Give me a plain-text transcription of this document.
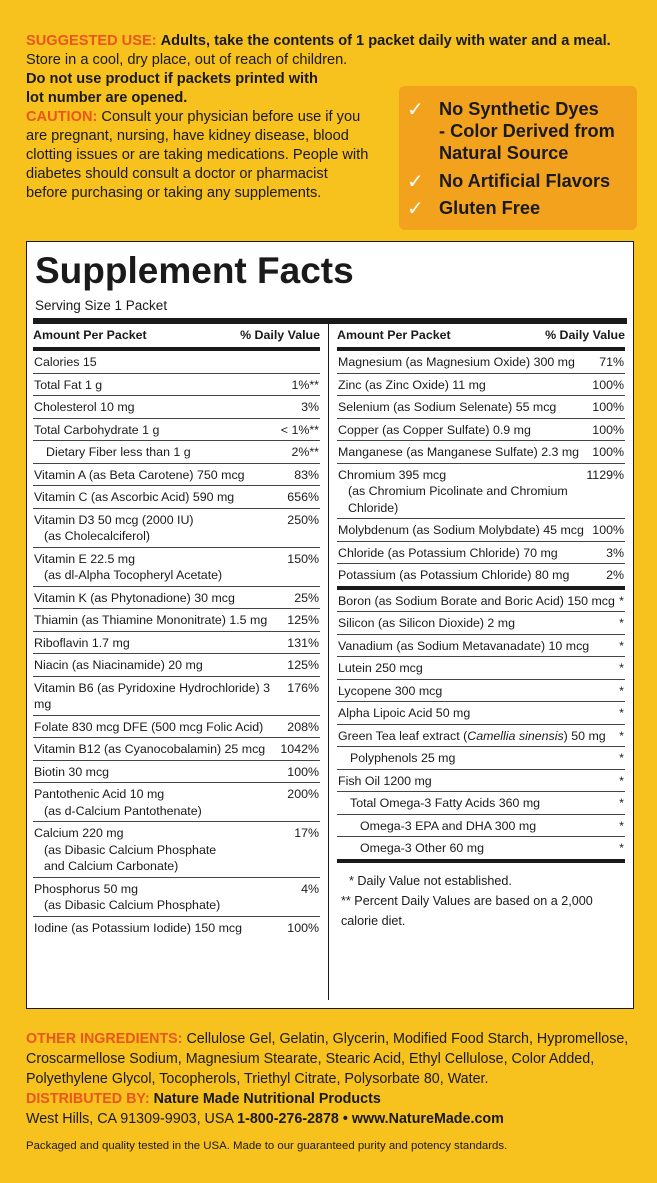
SUGGESTED USE: Adults, take the contents of 1 packet daily with water and a meal.

Store in a cool, dry place, out of reach of children.

Do not use product if packets printed with

lot number are opened.

CAUTION: Consult your physician before use if you are pregnant, nursing, have kidney disease, blood clotting issues or are taking medications. People with diabetes should consult a doctor or pharmacist before purchasing or taking any supplements.

✓ No Synthetic Dyes
- Color Derived from
Natural Source
✓ No Artificial Flavors
✓ Gluten Free
Supplement Facts
Serving Size 1 Packet
Amount Per Packet	% Daily Value
Calories 15
Total Fat 1 g	1%**
Cholesterol 10 mg	3%
Total Carbohydrate 1 g	< 1%**
Dietary Fiber less than 1 g	2%**
Vitamin A (as Beta Carotene) 750 mcg	83%
Vitamin C (as Ascorbic Acid) 590 mg	656%
Vitamin D3 50 mcg (2000 IU)
(as Cholecalciferol)
250%
Vitamin E 22.5 mg
(as dl-Alpha Tocopheryl Acetate)
150%
Vitamin K (as Phytonadione) 30 mcg	25%
Thiamin (as Thiamine Mononitrate) 1.5 mg	125%
Riboflavin 1.7 mg	131%
Niacin (as Niacinamide) 20 mg	125%
Vitamin B6 (as Pyridoxine Hydrochloride) 3 mg
176%
Folate 830 mcg DFE (500 mcg Folic Acid)	208%
Vitamin B12 (as Cyanocobalamin) 25 mcg	1042%
Biotin 30 mcg	100%
Pantothenic Acid 10 mg
(as d-Calcium Pantothenate)
200%
Calcium 220 mg
(as Dibasic Calcium Phosphate
and Calcium Carbonate)
17%
Phosphorus 50 mg
(as Dibasic Calcium Phosphate)
4%
Iodine (as Potassium Iodide) 150 mcg	100%
Amount Per Packet	% Daily Value
Magnesium (as Magnesium Oxide) 300 mg	71%
Zinc (as Zinc Oxide) 11 mg	100%
Selenium (as Sodium Selenate) 55 mcg	100%
Copper (as Copper Sulfate) 0.9 mg	100%
Manganese (as Manganese Sulfate) 2.3 mg	100%
Chromium 395 mcg
(as Chromium Picolinate and Chromium Chloride)
1129%
Molybdenum (as Sodium Molybdate) 45 mcg 100%
Chloride (as Potassium Chloride) 70 mg	3%
Potassium (as Potassium Chloride) 80 mg	2%
Boron (as Sodium Borate and Boric Acid) 150 mcg *
Silicon (as Silicon Dioxide) 2 mg	*
Vanadium (as Sodium Metavanadate) 10 mcg	*
Lutein 250 mcg	*
Lycopene 300 mcg	*
Alpha Lipoic Acid 50 mg	*
Green Tea leaf extract (Camellia sinensis) 50 mg	*
Polyphenols 25 mg	*
Fish Oil 1200 mg	*
Total Omega-3 Fatty Acids 360 mg	*
Omega-3 EPA and DHA 300 mg	*
Omega-3 Other 60 mg	*
* Daily Value not established.
** Percent Daily Values are based on a 2,000 calorie diet.

OTHER INGREDIENTS: Cellulose Gel, Gelatin, Glycerin, Modified Food Starch, Hypromellose, Croscarmellose Sodium, Magnesium Stearate, Stearic Acid, Ethyl Cellulose, Color Added, Polyethylene Glycol, Tocopherols, Triethyl Citrate, Polysorbate 80, Water.

DISTRIBUTED BY: Nature Made Nutritional Products

West Hills, CA 91309-9903, USA 1-800-276-2878 • www.NatureMade.com

Packaged and quality tested in the USA. Made to our guaranteed purity and potency standards.
